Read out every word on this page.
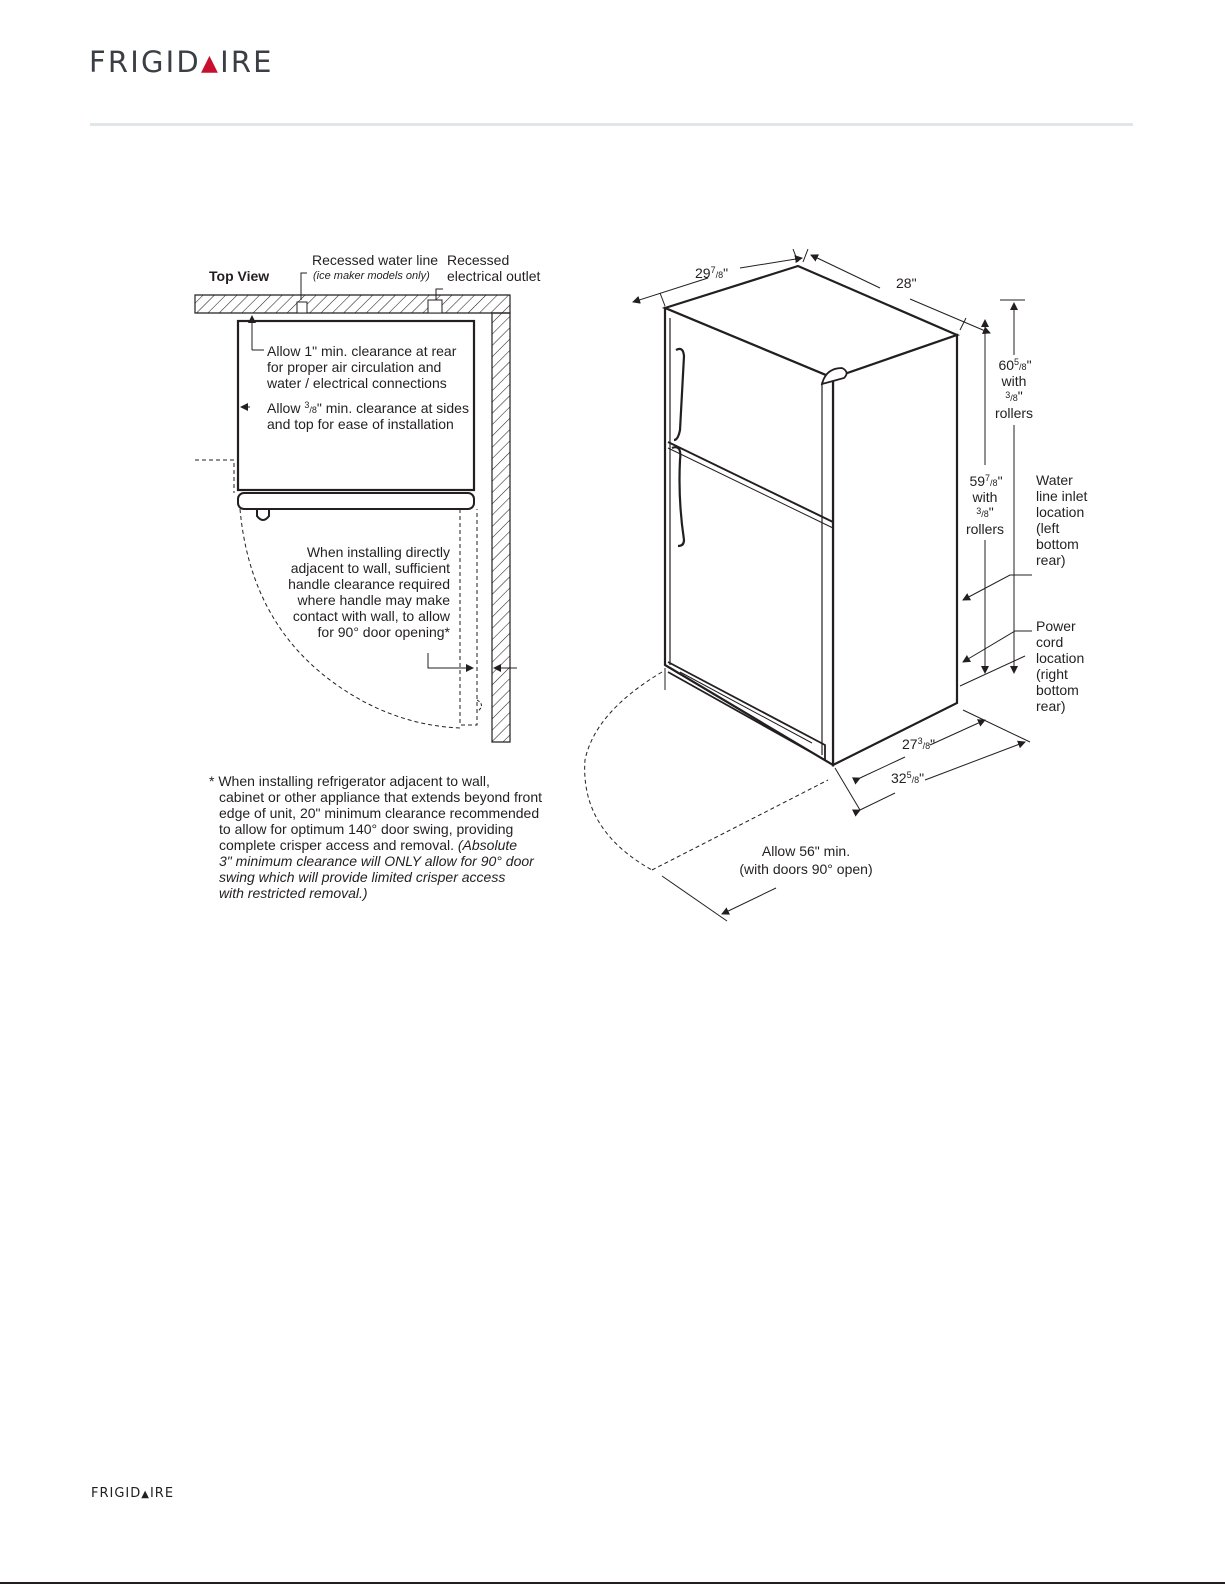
FRIGID▲IRE
Top View
Recessed water line
(ice maker models only)
Recessed
electrical outlet
Allow 1" min. clearance at rear
for proper air circulation and
water / electrical connections
Allow $^3_/$8" min. clearance at sides
and top for ease of installation
When installing directly
adjacent to wall, sufficient
handle clearance required
where handle may make
contact with wall, to allow
for 90° door opening*
* When installing refrigerator adjacent to wall,
cabinet or other appliance that extends beyond front
edge of unit, 20" minimum clearance recommended
to allow for optimum 140° door swing, providing
complete crisper access and removal. (Absolute
3" minimum clearance will ONLY allow for 90° door
swing which will provide limited crisper access
with restricted removal.)
$29^7_/8$"
28"
$60^5_/8$"
with
$^3_/$8"
rollers
$59^7_/8$"
with
$^3_/$8"
rollers
Water
line inlet
location
(left
bottom
rear)
Power
cord
location
(right
bottom
rear)
$27^3_/8$"
$32^5_/8$"
Allow 56" min.
(with doors 90° open)
FRIGID▲IRE
